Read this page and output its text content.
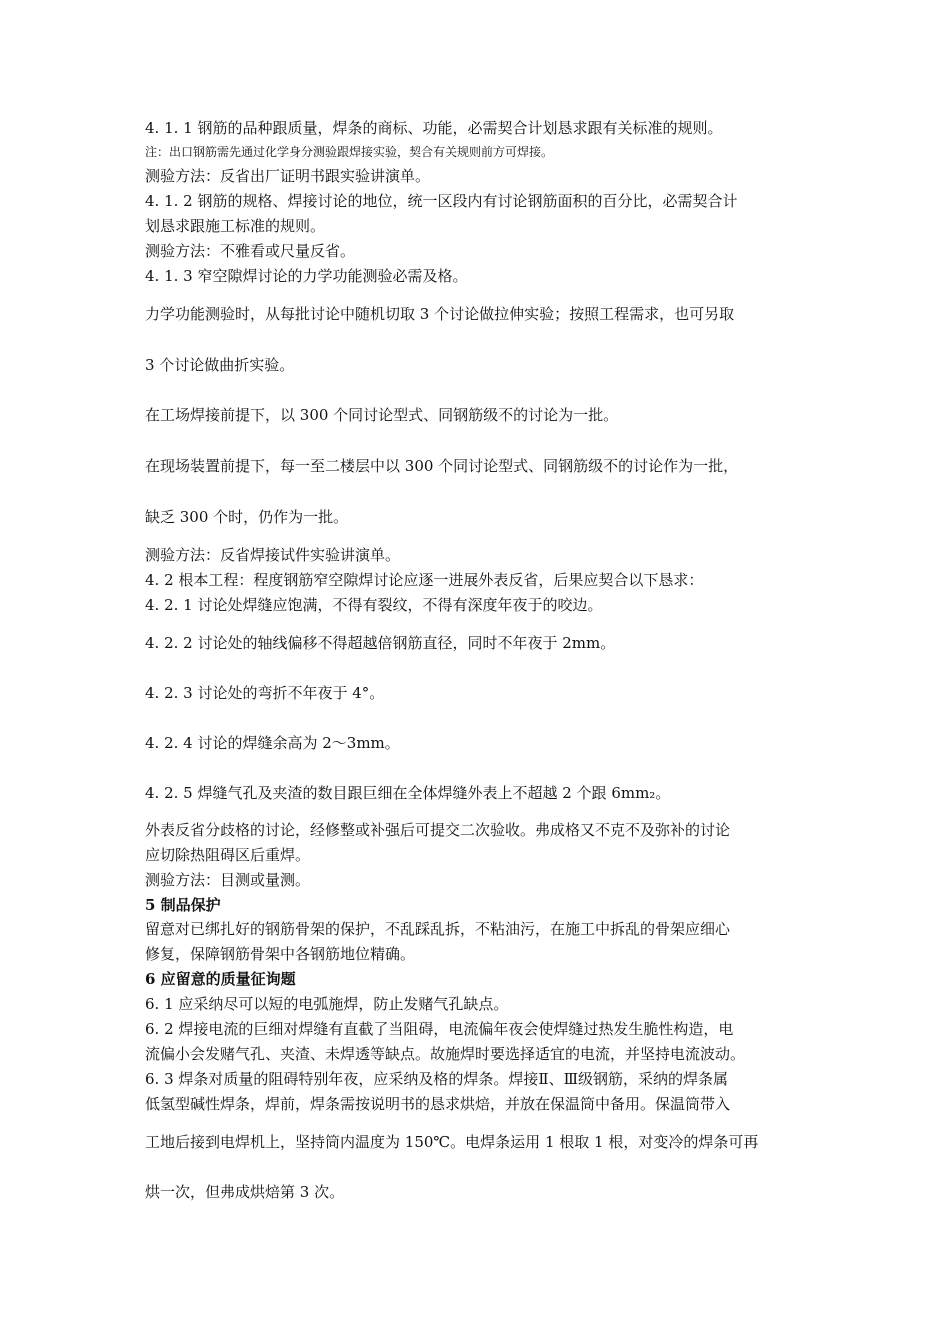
4. 1. 1 钢筋的品种跟质量，焊条的商标、功能，必需契合计划恳求跟有关标准的规则。
注：出口钢筋需先通过化学身分测验跟焊接实验，契合有关规则前方可焊接。
测验方法：反省出厂证明书跟实验讲演单。
4. 1. 2 钢筋的规格、焊接讨论的地位，统一区段内有讨论钢筋面积的百分比，必需契合计
划恳求跟施工标准的规则。
测验方法：不雅看或尺量反省。
4. 1. 3 窄空隙焊讨论的力学功能测验必需及格。
力学功能测验时，从每批讨论中随机切取 3 个讨论做拉伸实验；按照工程需求，也可另取
3 个讨论做曲折实验。
在工场焊接前提下，以 300 个同讨论型式、同钢筋级不的讨论为一批。
在现场装置前提下，每一至二楼层中以 300 个同讨论型式、同钢筋级不的讨论作为一批，
缺乏 300 个时，仍作为一批。
测验方法：反省焊接试件实验讲演单。
4. 2 根本工程：程度钢筋窄空隙焊讨论应逐一进展外表反省，后果应契合以下恳求：
4. 2. 1 讨论处焊缝应饱满，不得有裂纹，不得有深度年夜于的咬边。
4. 2. 2 讨论处的轴线偏移不得超越倍钢筋直径，同时不年夜于 2mm。
4. 2. 3 讨论处的弯折不年夜于 4°。
4. 2. 4 讨论的焊缝余高为 2～3mm。
4. 2. 5 焊缝气孔及夹渣的数目跟巨细在全体焊缝外表上不超越 2 个跟 6mm₂。
外表反省分歧格的讨论，经修整或补强后可提交二次验收。弗成格又不克不及弥补的讨论
应切除热阻碍区后重焊。
测验方法：目测或量测。
5 制品保护
留意对已绑扎好的钢筋骨架的保护，不乱踩乱拆，不粘油污，在施工中拆乱的骨架应细心
修复，保障钢筋骨架中各钢筋地位精确。
6 应留意的质量征询题
6. 1 应采纳尽可以短的电弧施焊，防止发赌气孔缺点。
6. 2 焊接电流的巨细对焊缝有直截了当阻碍，电流偏年夜会使焊缝过热发生脆性构造，电
流偏小会发赌气孔、夹渣、未焊透等缺点。故施焊时要选择适宜的电流，并坚持电流波动。
6. 3 焊条对质量的阻碍特别年夜，应采纳及格的焊条。焊接Ⅱ、Ⅲ级钢筋，采纳的焊条属
低氢型碱性焊条，焊前，焊条需按说明书的恳求烘焙，并放在保温筒中备用。保温筒带入
工地后接到电焊机上，坚持筒内温度为 150℃。电焊条运用 1 根取 1 根，对变冷的焊条可再
烘一次，但弗成烘焙第 3 次。
